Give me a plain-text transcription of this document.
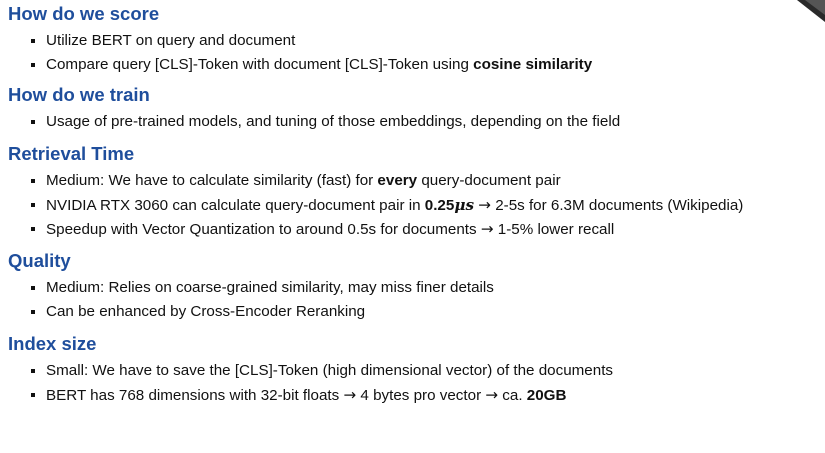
How do we score
Utilize BERT on query and document
Compare query [CLS]-Token with document [CLS]-Token using cosine similarity
How do we train
Usage of pre-trained models, and tuning of those embeddings, depending on the field
Retrieval Time
Medium: We have to calculate similarity (fast) for every query-document pair
NVIDIA RTX 3060 can calculate query-document pair in 0.25μs → 2-5s for 6.3M documents (Wikipedia)
Speedup with Vector Quantization to around 0.5s for documents → 1-5% lower recall
Quality
Medium: Relies on coarse-grained similarity, may miss finer details
Can be enhanced by Cross-Encoder Reranking
Index size
Small: We have to save the [CLS]-Token (high dimensional vector) of the documents
BERT has 768 dimensions with 32-bit floats → 4 bytes pro vector → ca. 20GB
